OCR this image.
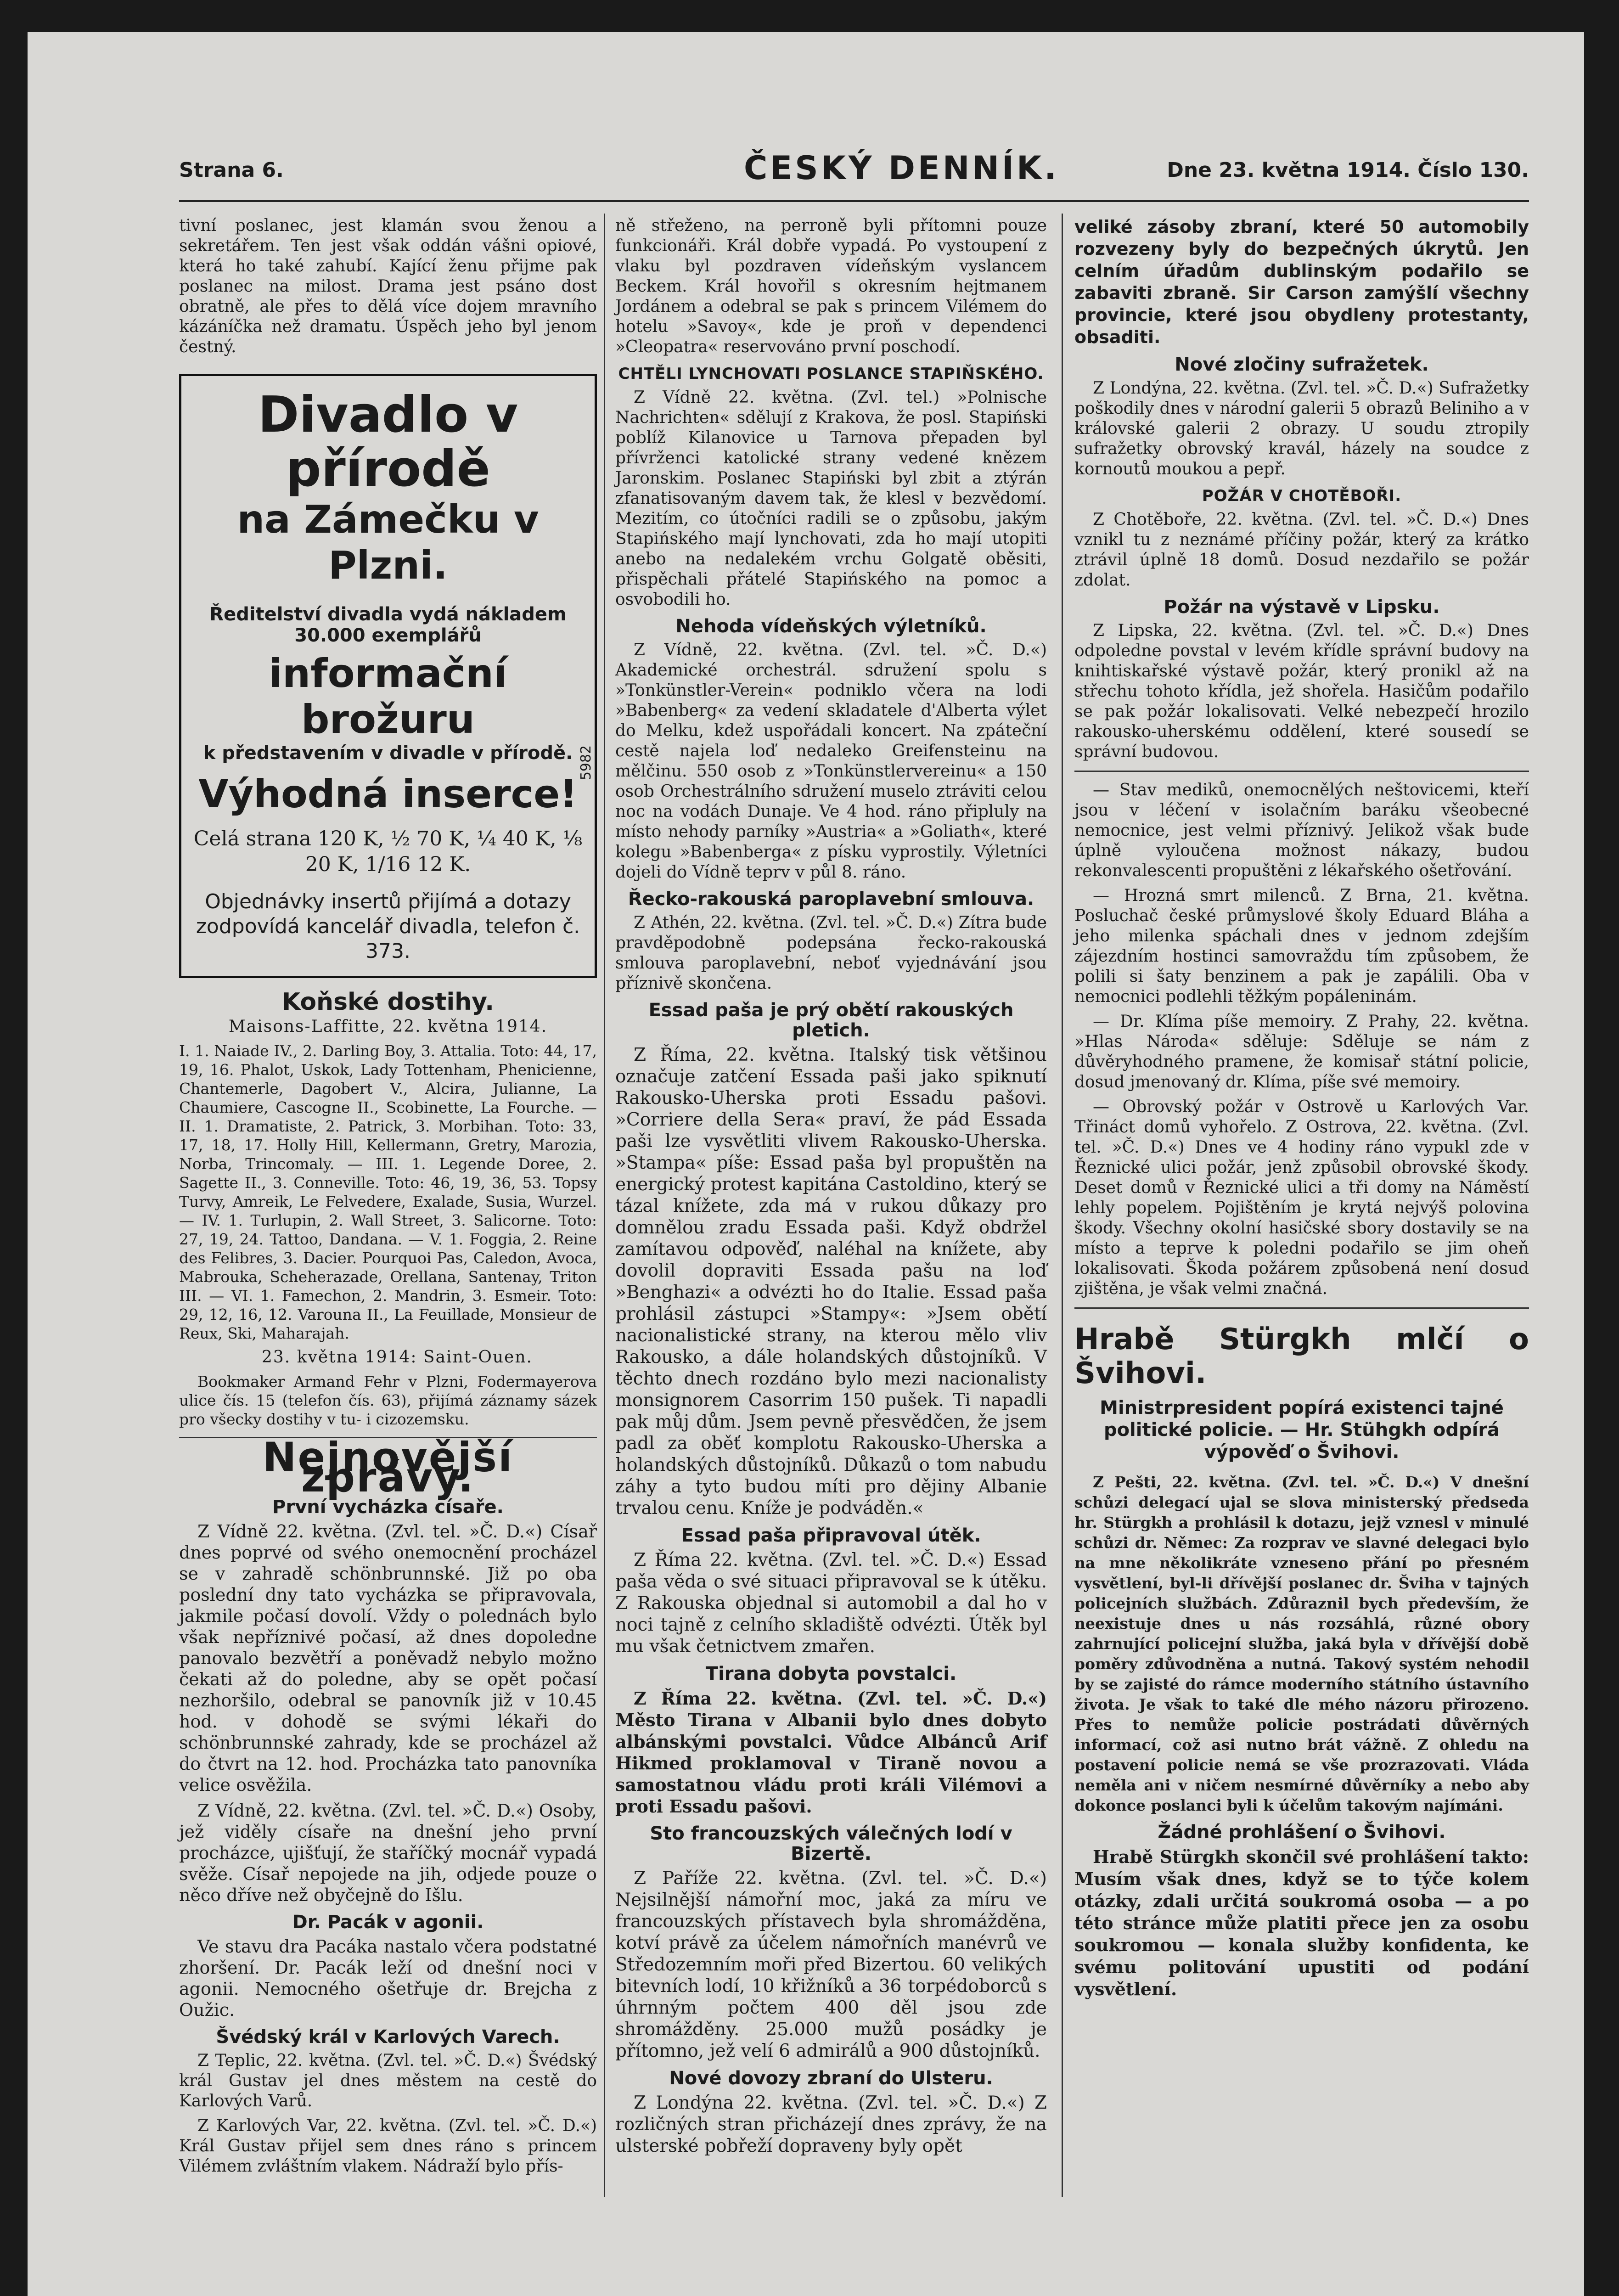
Strana 6.	ČESKÝ DENNÍK.	Dne 23. května 1914. Číslo 130.

tivní poslanec, jest klamán svou ženou a sekretářem. Ten jest však oddán vášni opiové, která ho také zahubí. Kající ženu přijme pak poslanec na milost. Drama jest psáno dost obratně, ale přes to dělá více dojem mravního kázáníčka než dramatu. Úspěch jeho byl jenom čestný.

Divadlo v přírodě
na Zámečku v Plzni.
Ředitelství divadla vydá nákladem 30.000 exemplářů
informační brožuru
k představením v divadle v přírodě.
Výhodná inserce!
Celá strana 120 K, ½ 70 K, ¼ 40 K, ⅛ 20 K, 1/16 12 K.
Objednávky insertů přijímá a dotazy zodpovídá kancelář divadla, telefon č. 373.
5982
Koňské dostihy.

Maisons-Laffitte, 22. května 1914.

I. 1. Naiade IV., 2. Darling Boy, 3. Attalia. Toto: 44, 17, 19, 16. Phalot, Uskok, Lady Tottenham, Phenicienne, Chantemerle, Dagobert V., Alcira, Julianne, La Chaumiere, Cascogne II., Scobinette, La Fourche. — II. 1. Dramatiste, 2. Patrick, 3. Morbihan. Toto: 33, 17, 18, 17. Holly Hill, Kellermann, Gretry, Marozia, Norba, Trincomaly. — III. 1. Legende Doree, 2. Sagette II., 3. Conneville. Toto: 46, 19, 36, 53. Topsy Turvy, Amreik, Le Felvedere, Exalade, Susia, Wurzel. — IV. 1. Turlupin, 2. Wall Street, 3. Salicorne. Toto: 27, 19, 24. Tattoo, Dandana. — V. 1. Foggia, 2. Reine des Felibres, 3. Dacier. Pourquoi Pas, Caledon, Avoca, Mabrouka, Scheherazade, Orellana, Santenay, Triton III. — VI. 1. Famechon, 2. Mandrin, 3. Esmeir. Toto: 29, 12, 16, 12. Varouna II., La Feuillade, Monsieur de Reux, Ski, Maharajah.

23. května 1914: Saint-Ouen.

Bookmaker Armand Fehr v Plzni, Fodermayerova ulice čís. 15 (telefon čís. 63), přijímá záznamy sázek pro všecky dostihy v tu- i cizozemsku.

Nejnovější zprávy.
První vycházka císaře.

Z Vídně 22. května. (Zvl. tel. »Č. D.«) Císař dnes poprvé od svého onemocnění procházel se v zahradě schönbrunnské. Již po oba poslední dny tato vycházka se připravovala, jakmile počasí dovolí. Vždy o polednách bylo však nepříznivé počasí, až dnes dopoledne panovalo bezvětří a poněvadž nebylo možno čekati až do poledne, aby se opět počasí nezhoršilo, odebral se panovník již v 10.45 hod. v dohodě se svými lékaři do schönbrunnské zahrady, kde se procházel až do čtvrt na 12. hod. Procházka tato panovníka velice osvěžila.

Z Vídně, 22. května. (Zvl. tel. »Č. D.«) Osoby, jež viděly císaře na dnešní jeho první procházce, ujišťují, že staříčký mocnář vypadá svěže. Císař nepojede na jih, odjede pouze o něco dříve než obyčejně do Išlu.

Dr. Pacák v agonii.

Ve stavu dra Pacáka nastalo včera podstatné zhoršení. Dr. Pacák leží od dnešní noci v agonii. Nemocného ošetřuje dr. Brejcha z Oužic.

Švédský král v Karlových Varech.

Z Teplic, 22. května. (Zvl. tel. »Č. D.«) Švédský král Gustav jel dnes městem na cestě do Karlových Varů.

Z Karlových Var, 22. května. (Zvl. tel. »Č. D.«) Král Gustav přijel sem dnes ráno s princem Vilémem zvláštním vlakem. Nádraží bylo přís-

ně střeženo, na perroně byli přítomni pouze funkcionáři. Král dobře vypadá. Po vystoupení z vlaku byl pozdraven vídeňským vyslancem Beckem. Král hovořil s okresním hejtmanem Jordánem a odebral se pak s princem Vilémem do hotelu »Savoy«, kde je proň v dependenci »Cleopatra« reservováno první poschodí.

CHTĚLI LYNCHOVATI POSLANCE STAPIŇSKÉHO.

Z Vídně 22. května. (Zvl. tel.) »Polnische Nachrichten« sdělují z Krakova, že posl. Stapiński poblíž Kilanovice u Tarnova přepaden byl přívrženci katolické strany vedené knězem Jaronskim. Poslanec Stapiński byl zbit a ztýrán zfanatisovaným davem tak, že klesl v bezvědomí. Mezitím, co útočníci radili se o způsobu, jakým Stapińského mají lynchovati, zda ho mají utopiti anebo na nedalekém vrchu Golgatě oběsiti, přispěchali přátelé Stapińského na pomoc a osvobodili ho.

Nehoda vídeňských výletníků.

Z Vídně, 22. května. (Zvl. tel. »Č. D.«) Akademické orchestrál. sdružení spolu s »Tonkünstler-Verein« podniklo včera na lodi »Babenberg« za vedení skladatele d'Alberta výlet do Melku, kdež uspořádali koncert. Na zpáteční cestě najela loď nedaleko Greifensteinu na mělčinu. 550 osob z »Tonkünstlervereinu« a 150 osob Orchestrálního sdružení muselo ztráviti celou noc na vodách Dunaje. Ve 4 hod. ráno připluly na místo nehody parníky »Austria« a »Goliath«, které kolegu »Babenberga« z písku vyprostily. Výletníci dojeli do Vídně teprv v půl 8. ráno.

Řecko-rakouská paroplavební smlouva.

Z Athén, 22. května. (Zvl. tel. »Č. D.«) Zítra bude pravděpodobně podepsána řecko-rakouská smlouva paroplavební, neboť vyjednávání jsou příznivě skončena.

Essad paša je prý obětí rakouských pletich.

Z Říma, 22. května. Italský tisk většinou označuje zatčení Essada paši jako spiknutí Rakousko-Uherska proti Essadu pašovi. »Corriere della Sera« praví, že pád Essada paši lze vysvětliti vlivem Rakousko-Uherska. »Stampa« píše: Essad paša byl propuštěn na energický protest kapitána Castoldino, který se tázal knížete, zda má v rukou důkazy pro domnělou zradu Essada paši. Když obdržel zamítavou odpověď, naléhal na knížete, aby dovolil dopraviti Essada pašu na loď »Benghazi« a odvézti ho do Italie. Essad paša prohlásil zástupci »Stampy«: »Jsem obětí nacionalistické strany, na kterou mělo vliv Rakousko, a dále holandských důstojníků. V těchto dnech rozdáno bylo mezi nacionalisty monsignorem Casorrim 150 pušek. Ti napadli pak můj dům. Jsem pevně přesvědčen, že jsem padl za oběť komplotu Rakousko-Uherska a holandských důstojníků. Důkazů o tom nabudu záhy a tyto budou míti pro dějiny Albanie trvalou cenu. Kníže je podváděn.«

Essad paša připravoval útěk.

Z Říma 22. května. (Zvl. tel. »Č. D.«) Essad paša věda o své situaci připravoval se k útěku. Z Rakouska objednal si automobil a dal ho v noci tajně z celního skladiště odvézti. Útěk byl mu však četnictvem zmařen.

Tirana dobyta povstalci.

Z Říma 22. května. (Zvl. tel. »Č. D.«) Město Tirana v Albanii bylo dnes dobyto albánskými povstalci. Vůdce Albánců Arif Hikmed proklamoval v Tiraně novou a samostatnou vládu proti králi Vilémovi a proti Essadu pašovi.

Sto francouzských válečných lodí v Bizertě.

Z Paříže 22. května. (Zvl. tel. »Č. D.«) Nejsilnější námořní moc, jaká za míru ve francouzských přístavech byla shromážděna, kotví právě za účelem námořních manévrů ve Středozemním moři před Bizertou. 60 velikých bitevních lodí, 10 křižníků a 36 torpédoborců s úhrnným počtem 400 děl jsou zde shromážděny. 25.000 mužů posádky je přítomno, jež velí 6 admirálů a 900 důstojníků.

Nové dovozy zbraní do Ulsteru.

Z Londýna 22. května. (Zvl. tel. »Č. D.«) Z rozličných stran přicházejí dnes zprávy, že na ulsterské pobřeží dopraveny byly opět

veliké zásoby zbraní, které 50 automobily rozvezeny byly do bezpečných úkrytů. Jen celním úřadům dublinským podařilo se zabaviti zbraně. Sir Carson zamýšlí všechny provincie, které jsou obydleny protestanty, obsaditi.

Nové zločiny sufražetek.

Z Londýna, 22. května. (Zvl. tel. »Č. D.«) Sufražetky poškodily dnes v národní galerii 5 obrazů Beliniho a v královské galerii 2 obrazy. U soudu ztropily sufražetky obrovský kravál, házely na soudce z kornoutů moukou a pepř.

POŽÁR V CHOTĚBOŘI.

Z Chotěboře, 22. května. (Zvl. tel. »Č. D.«) Dnes vznikl tu z neznámé příčiny požár, který za krátko ztrávil úplně 18 domů. Dosud nezdařilo se požár zdolat.

Požár na výstavě v Lipsku.

Z Lipska, 22. května. (Zvl. tel. »Č. D.«) Dnes odpoledne povstal v levém křídle správní budovy na knihtiskařské výstavě požár, který pronikl až na střechu tohoto křídla, jež shořela. Hasičům podařilo se pak požár lokalisovati. Velké nebezpečí hrozilo rakousko-uherskému oddělení, které sousedí se správní budovou.

— Stav mediků, onemocnělých neštovicemi, kteří jsou v léčení v isolačním baráku všeobecné nemocnice, jest velmi příznivý. Jelikož však bude úplně vyloučena možnost nákazy, budou rekonvalescenti propuštěni z lékařského ošetřování.

— Hrozná smrt milenců. Z Brna, 21. května. Posluchač české průmyslové školy Eduard Bláha a jeho milenka spáchali dnes v jednom zdejším zájezdním hostinci samovraždu tím způsobem, že polili si šaty benzinem a pak je zapálili. Oba v nemocnici podlehli těžkým popáleninám.

— Dr. Klíma píše memoiry. Z Prahy, 22. května. »Hlas Národa« sděluje: Sděluje se nám z důvěryhodného pramene, že komisař státní policie, dosud jmenovaný dr. Klíma, píše své memoiry.

— Obrovský požár v Ostrově u Karlových Var. Třináct domů vyhořelo. Z Ostrova, 22. května. (Zvl. tel. »Č. D.«) Dnes ve 4 hodiny ráno vypukl zde v Řeznické ulici požár, jenž způsobil obrovské škody. Deset domů v Řeznické ulici a tři domy na Náměstí lehly popelem. Pojištěním je krytá nejvýš polovina škody. Všechny okolní hasičské sbory dostavily se na místo a teprve k poledni podařilo se jim oheň lokalisovati. Škoda požárem způsobená není dosud zjištěna, je však velmi značná.

Hrabě Stürgkh mlčí o Švihovi.
Ministrpresident popírá existenci tajné politické policie. — Hr. Stühgkh odpírá výpověď o Švihovi.

Z Pešti, 22. května. (Zvl. tel. »Č. D.«) V dnešní schůzi delegací ujal se slova ministerský předseda hr. Stürgkh a prohlásil k dotazu, jejž vznesl v minulé schůzi dr. Němec: Za rozprav ve slavné delegaci bylo na mne několikráte vzneseno přání po přesném vysvětlení, byl-li dřívější poslanec dr. Šviha v tajných policejních službách. Zdůraznil bych především, že neexistuje dnes u nás rozsáhlá, různé obory zahrnující policejní služba, jaká byla v dřívější době poměry zdůvodněna a nutná. Takový systém nehodil by se zajisté do rámce moderního státního ústavního života. Je však to také dle mého názoru přirozeno. Přes to nemůže policie postrádati důvěrných informací, což asi nutno brát vážně. Z ohledu na postavení policie nemá se vše prozrazovati. Vláda neměla ani v ničem nesmírné důvěrníky a nebo aby dokonce poslanci byli k účelům takovým najímáni.

Žádné prohlášení o Švihovi.

Hrabě Stürgkh skončil své prohlášení takto: Musím však dnes, když se to týče kolem otázky, zdali určitá soukromá osoba — a po této stránce může platiti přece jen za osobu soukromou — konala služby konfidenta, ke svému politování upustiti od podání vysvětlení.
